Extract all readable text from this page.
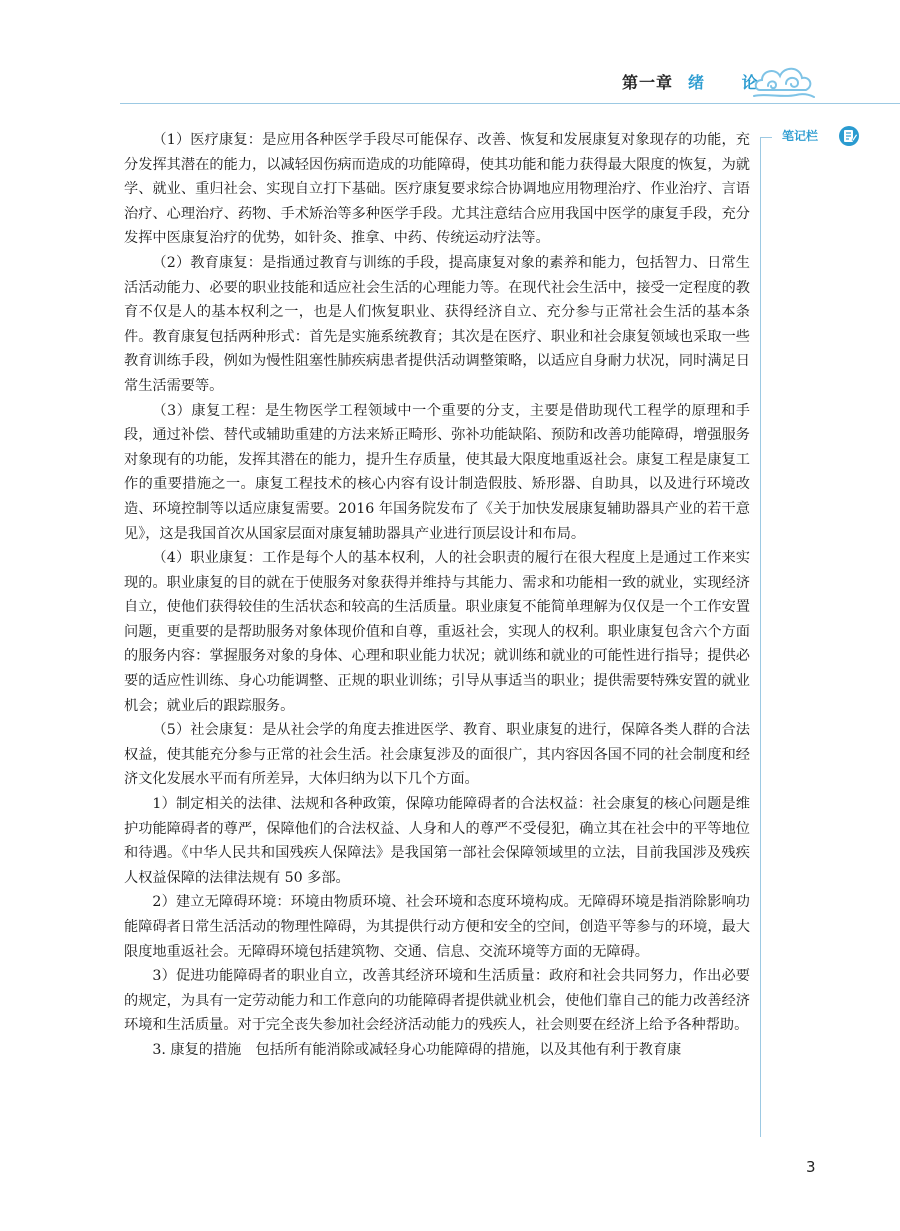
第一章 绪 论
笔记栏

（1）医疗康复：是应用各种医学手段尽可能保存、改善、恢复和发展康复对象现存的功能，充分发挥其潜在的能力，以减轻因伤病而造成的功能障碍，使其功能和能力获得最大限度的恢复，为就学、就业、重归社会、实现自立打下基础。医疗康复要求综合协调地应用物理治疗、作业治疗、言语治疗、心理治疗、药物、手术矫治等多种医学手段。尤其注意结合应用我国中医学的康复手段，充分发挥中医康复治疗的优势，如针灸、推拿、中药、传统运动疗法等。

（2）教育康复：是指通过教育与训练的手段，提高康复对象的素养和能力，包括智力、日常生活活动能力、必要的职业技能和适应社会生活的心理能力等。在现代社会生活中，接受一定程度的教育不仅是人的基本权利之一，也是人们恢复职业、获得经济自立、充分参与正常社会生活的基本条件。教育康复包括两种形式：首先是实施系统教育；其次是在医疗、职业和社会康复领域也采取一些教育训练手段，例如为慢性阻塞性肺疾病患者提供活动调整策略，以适应自身耐力状况，同时满足日常生活需要等。

（3）康复工程：是生物医学工程领域中一个重要的分支，主要是借助现代工程学的原理和手段，通过补偿、替代或辅助重建的方法来矫正畸形、弥补功能缺陷、预防和改善功能障碍，增强服务对象现有的功能，发挥其潜在的能力，提升生存质量，使其最大限度地重返社会。康复工程是康复工作的重要措施之一。康复工程技术的核心内容有设计制造假肢、矫形器、自助具，以及进行环境改造、环境控制等以适应康复需要。2016 年国务院发布了《关于加快发展康复辅助器具产业的若干意见》，这是我国首次从国家层面对康复辅助器具产业进行顶层设计和布局。

（4）职业康复：工作是每个人的基本权利，人的社会职责的履行在很大程度上是通过工作来实现的。职业康复的目的就在于使服务对象获得并维持与其能力、需求和功能相一致的就业，实现经济自立，使他们获得较佳的生活状态和较高的生活质量。职业康复不能简单理解为仅仅是一个工作安置问题，更重要的是帮助服务对象体现价值和自尊，重返社会，实现人的权利。职业康复包含六个方面的服务内容：掌握服务对象的身体、心理和职业能力状况；就训练和就业的可能性进行指导；提供必要的适应性训练、身心功能调整、正规的职业训练；引导从事适当的职业；提供需要特殊安置的就业机会；就业后的跟踪服务。

（5）社会康复：是从社会学的角度去推进医学、教育、职业康复的进行，保障各类人群的合法权益，使其能充分参与正常的社会生活。社会康复涉及的面很广，其内容因各国不同的社会制度和经济文化发展水平而有所差异，大体归纳为以下几个方面。

1）制定相关的法律、法规和各种政策，保障功能障碍者的合法权益：社会康复的核心问题是维护功能障碍者的尊严，保障他们的合法权益、人身和人的尊严不受侵犯，确立其在社会中的平等地位和待遇。《中华人民共和国残疾人保障法》是我国第一部社会保障领域里的立法，目前我国涉及残疾人权益保障的法律法规有 50 多部。

2）建立无障碍环境：环境由物质环境、社会环境和态度环境构成。无障碍环境是指消除影响功能障碍者日常生活活动的物理性障碍，为其提供行动方便和安全的空间，创造平等参与的环境，最大限度地重返社会。无障碍环境包括建筑物、交通、信息、交流环境等方面的无障碍。

3）促进功能障碍者的职业自立，改善其经济环境和生活质量：政府和社会共同努力，作出必要的规定，为具有一定劳动能力和工作意向的功能障碍者提供就业机会，使他们靠自己的能力改善经济环境和生活质量。对于完全丧失参加社会经济活动能力的残疾人，社会则要在经济上给予各种帮助。

3. 康复的措施　包括所有能消除或减轻身心功能障碍的措施，以及其他有利于教育康

3
